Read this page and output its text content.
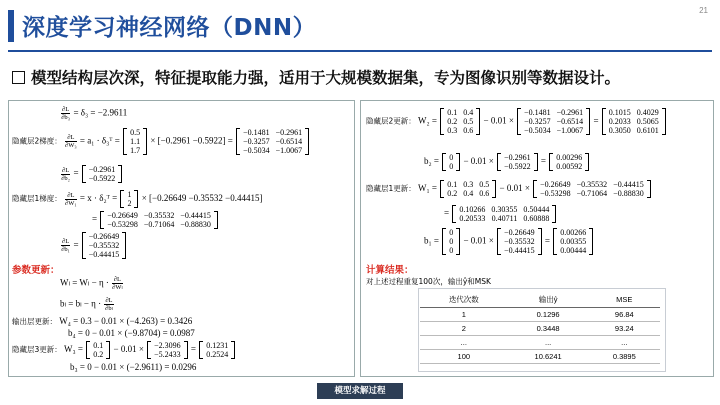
深度学习神经网络（DNN）
21
模型结构层次深，特征提取能力强，适用于大规模数据集，专为图像识别等数据设计。
$\frac{\partial L}{\text{∂b₃}} = \delta_3 = -2.9611$
隐藏层2梯度： $\frac{\partial L}{\text{∂W₃}} = a_1$ · δ₃ᵀ =
0.5
1.1
1.7
× [−0.2961 −0.5922] =
−0.1481	−0.2961
−0.3257	−0.6514
−0.5034	−1.0067
$\frac{\partial L}{\text{∂b₂}} = -0.2961$
−0.5922
隐藏层1梯度： $\frac{\partial L}{\text{∂W₁}} = x$ · δ₂ᵀ = 1
2
× [−0.26649 −0.35532 −0.44415]
= −0.26649	−0.35532	−0.44415
−0.53298	−0.71064	−0.88830
$\frac{\partial L}{\text{∂b₁}}$ =
−0.26649
−0.35532
−0.44415
参数更新：
$W_l = W_l - \eta \cdot \frac{\partial L}{\text{∂Wₗ}}$
$b_l = b_l - \eta \cdot \frac{\partial L}{\text{∂bₗ}}$
输出层更新： W₄ = 0.3 − 0.01 × (−4.263) = 0.3426
b₄ = 0 − 0.01 × (−9.8704) = 0.0987
隐藏层3更新： W₃ = 0.1
0.2
− 0.01 × −2.3096
−5.2433
= 0.1231
0.2524
b₃ = 0 − 0.01 × (−2.9611) = 0.0296
隐藏层2更新： W₂ =
0.1	0.4
0.2	0.5
0.3	0.6
− 0.01 ×
−0.1481	−0.2961
−0.3257	−0.6514
−0.5034	−1.0067
=
0.1015	0.4029
0.2033	0.5065
0.3050	0.6101
b₂ = 0
0
− 0.01 × −0.2961
−0.5922
= 0.00296
0.00592
隐藏层1更新： W₁ = 0.1	0.3	0.5
0.2	0.4	0.6
− 0.01 × −0.26649	−0.35532	−0.44415
−0.53298	−0.71064	−0.88830
= 0.10266	0.30355	0.50444
0.20533	0.40711	0.60888
b₁ =
0
0
0
− 0.01 ×
−0.26649
−0.35532
−0.44415
=
0.00266
0.00355
0.00444
计算结果：
对上述过程重复100次，输出ŷ和MSK
迭代次数	输出ŷ	MSE
1	0.1296	96.84
2	0.3448	93.24
...	...	...
100	10.6241	0.3895
模型求解过程
